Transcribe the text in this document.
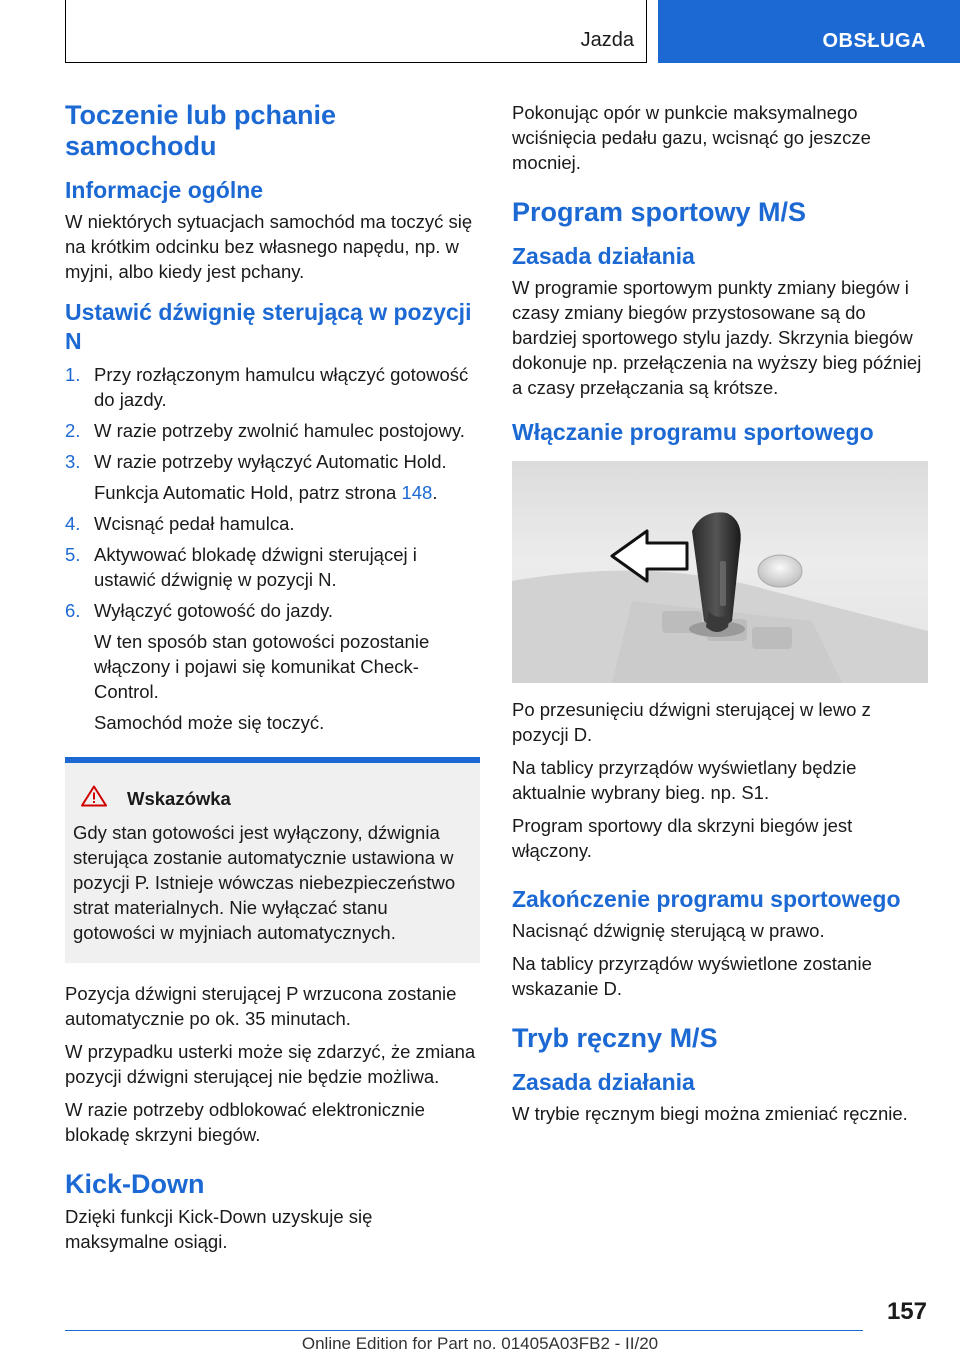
Jazda	OBSŁUGA
Toczenie lub pchanie samochodu
Informacje ogólne

W niektórych sytuacjach samochód ma toczyć się na krótkim odcinku bez własnego napędu, np. w myjni, albo kiedy jest pchany.

Ustawić dźwignię sterującą w pozycji N
1. Przy rozłączonym hamulcu włączyć gotowość do jazdy.
2. W razie potrzeby zwolnić hamulec postojowy.
3. W razie potrzeby wyłączyć Automatic Hold.
Funkcja Automatic Hold, patrz strona 148.
4. Wcisnąć pedał hamulca.
5. Aktywować blokadę dźwigni sterującej i ustawić dźwignię w pozycji N.
6. Wyłączyć gotowość do jazdy.
W ten sposób stan gotowości pozostanie włączony i pojawi się komunikat Check-Control.
Samochód może się toczyć.
Wskazówka

Gdy stan gotowości jest wyłączony, dźwignia sterująca zostanie automatycznie ustawiona w pozycji P. Istnieje wówczas niebezpieczeństwo strat materialnych. Nie wyłączać stanu gotowości w myjniach automatycznych.

Pozycja dźwigni sterującej P wrzucona zostanie automatycznie po ok. 35 minutach.

W przypadku usterki może się zdarzyć, że zmiana pozycji dźwigni sterującej nie będzie możliwa.

W razie potrzeby odblokować elektronicznie blokadę skrzyni biegów.

Kick-Down

Dzięki funkcji Kick-Down uzyskuje się maksymalne osiągi.

Pokonując opór w punkcie maksymalnego wciśnięcia pedału gazu, wcisnąć go jeszcze mocniej.

Program sportowy M/S
Zasada działania

W programie sportowym punkty zmiany biegów i czasy zmiany biegów przystosowane są do bardziej sportowego stylu jazdy. Skrzynia biegów dokonuje np. przełączenia na wyższy bieg później a czasy przełączania są krótsze.

Włączanie programu sportowego

Po przesunięciu dźwigni sterującej w lewo z pozycji D.

Na tablicy przyrządów wyświetlany będzie aktualnie wybrany bieg. np. S1.

Program sportowy dla skrzyni biegów jest włączony.

Zakończenie programu sportowego

Nacisnąć dźwignię sterującą w prawo.

Na tablicy przyrządów wyświetlone zostanie wskazanie D.

Tryb ręczny M/S
Zasada działania

W trybie ręcznym biegi można zmieniać ręcznie.

157
Online Edition for Part no. 01405A03FB2 - II/20
